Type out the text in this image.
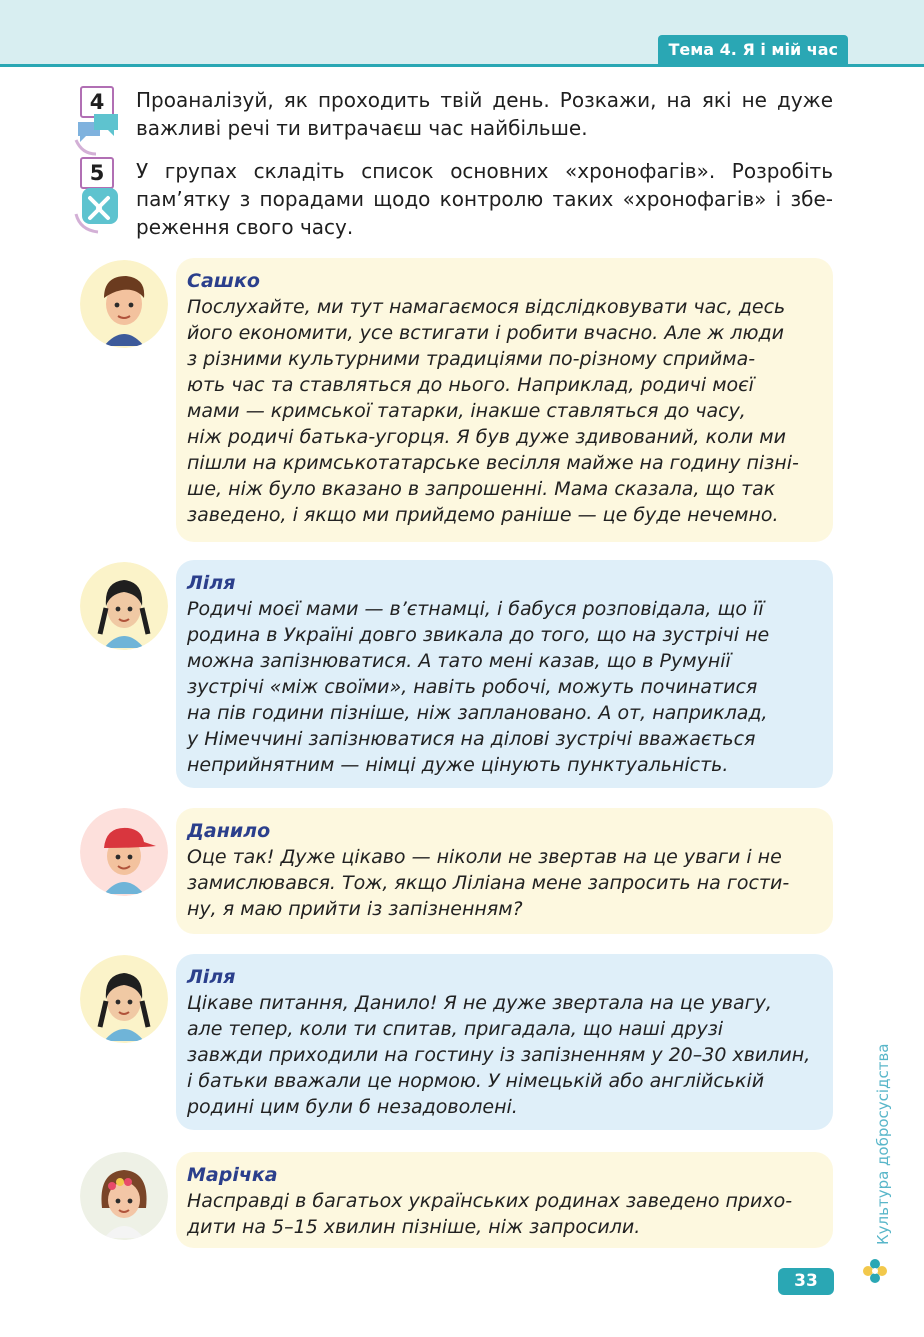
Тема 4. Я і мій час
4	Проаналізуй, як проходить твій день. Розкажи, на які не дуже важливі речі ти витрачаєш час найбільше.
5	У групах складіть список основних «хронофагів». Розробіть пам’ятку з порадами щодо контролю таких «хронофагів» і збе-реження свого часу.
Сашко
Послухайте, ми тут намагаємося відслідковувати час, десь
його економити, усе встигати і робити вчасно. Але ж люди
з різними культурними традиціями по-різному сприйма-
ють час та ставляться до нього. Наприклад, родичі моєї
мами — кримської татарки, інакше ставляться до часу,
ніж родичі батька-угорця. Я був дуже здивований, коли ми
пішли на кримськотатарське весілля майже на годину пізні-
ше, ніж було вказано в запрошенні. Мама сказала, що так
заведено, і якщо ми прийдемо раніше — це буде нечемно.
Ліля
Родичі моєї мами — в’єтнамці, і бабуся розповідала, що її
родина в Україні довго звикала до того, що на зустрічі не
можна запізнюватися. А тато мені казав, що в Румунії
зустрічі «між своїми», навіть робочі, можуть починатися
на пів години пізніше, ніж заплановано. А от, наприклад,
у Німеччині запізнюватися на ділові зустрічі вважається
неприйнятним — німці дуже цінують пунктуальність.
Данило
Оце так! Дуже цікаво — ніколи не звертав на це уваги і не
замислювався. Тож, якщо Ліліана мене запросить на гости-
ну, я маю прийти із запізненням?
Ліля
Цікаве питання, Данило! Я не дуже звертала на це увагу,
але тепер, коли ти спитав, пригадала, що наші друзі
завжди приходили на гостину із запізненням у 20–30 хвилин,
і батьки вважали це нормою. У німецькій або англійській
родині цим були б незадоволені.
Марічка
Насправді в багатьох українських родинах заведено прихо-
дити на 5–15 хвилин пізніше, ніж запросили.	Культура добросусідства
33
